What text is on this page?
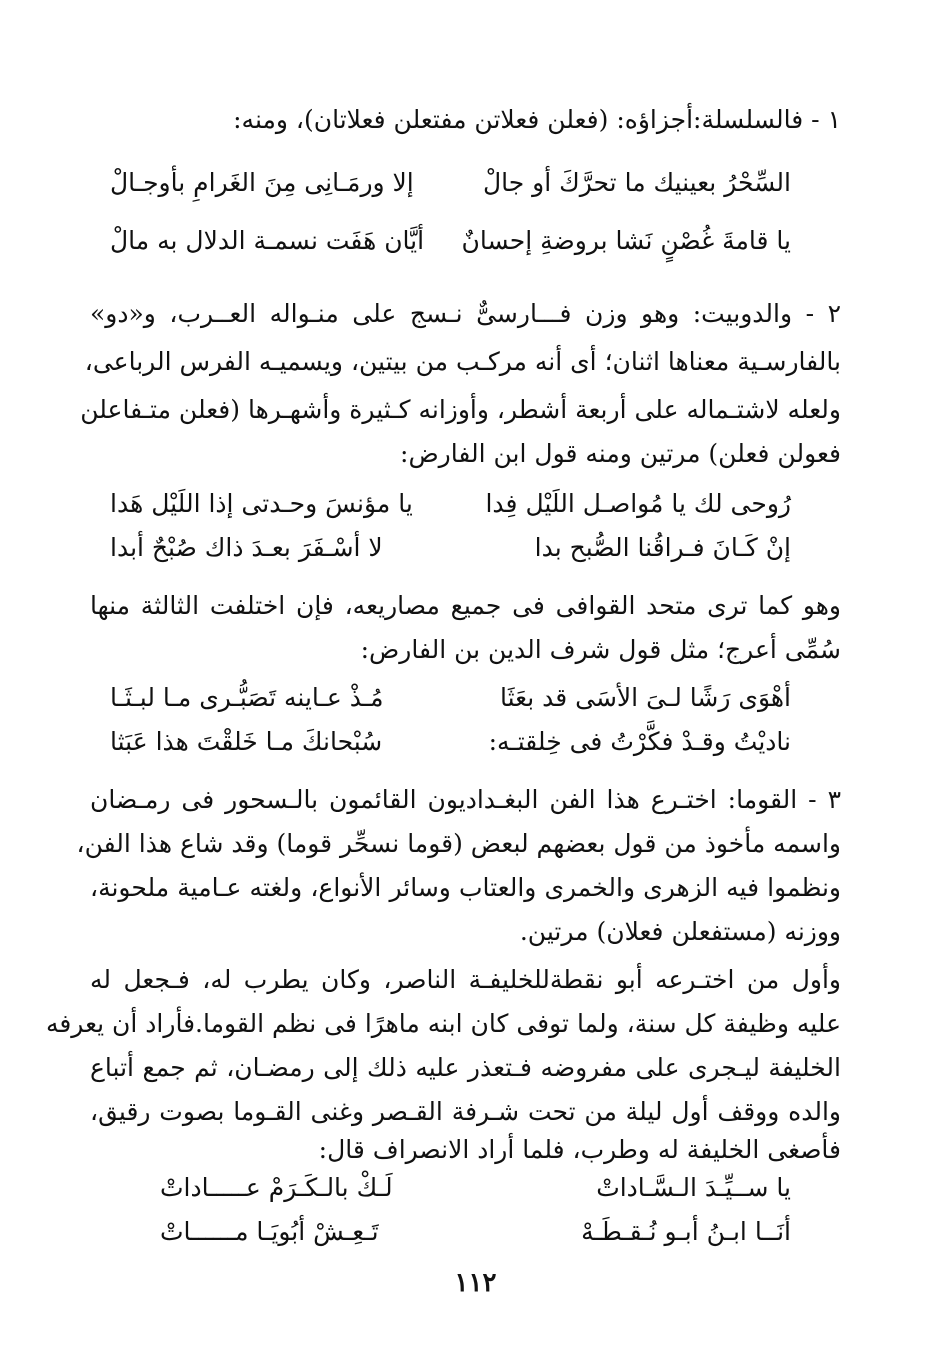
١ - فالسلسلة:أجزاؤه: (فعلن فعلاتن مفتعلن فعلاتان)، ومنه:
السِّحْرُ بعينيك ما تحرَّكَ أو جالْ
إلا ورمَـانِى مِنَ الغَرامِ بأوجـالْ
يا قامةَ غُصْنٍ نَشا بروضةِ إحسانٌ
أيَّان هَفَت نسمـة الدلال به مالْ
٢ - والدوبيت: وهو وزن فـــارسىٌّ نـسج على منـواله العــرب، و«دو»
بالفارسـية معناها اثنان؛ أى أنه مركـب من بيتين، ويسميـه الفرس الرباعى،
ولعله لاشتـماله على أربعة أشطر، وأوزانه كـثيرة وأشهـرها (فعلن متـفاعلن
فعولن فعلن) مرتين ومنه قول ابن الفارض:
رُوحى لك يا مُواصـل اللَيْل فِدا
يا مؤنسَ وحـدتى إذا اللَيْل هَدا
إنْ كَـانَ فـراقُنا الصُّبح بدا
لا أسْـفَرَ بعـدَ ذاك صُبْحٌ أبدا
وهو كما ترى متحد القوافى فى جميع مصاريعه، فإن اختلفت الثالثة منها
سُمِّى أعرج؛ مثل قول شرف الدين بن الفارض:
أهْوَى رَشًا لـىَ الأسَى قد بعَثَا
مُـذْ عـاينه تَصَبُّـرى مـا لبـثَـا
ناديْتُ وقـدْ فكَّرْتُ فى خِلقتـه:
سُبْحانكَ مـا خَلقْتَ هذا عَبَثا
٣ - القوما: اختـرع هذا الفن البغـداديون القائمون بالـسحور فى رمـضان
واسمه مأخوذ من قول بعضهم لبعض (قوما نسحِّر قوما) وقد شاع هذا الفن،
ونظموا فيه الزهرى والخمرى والعتاب وسائر الأنواع، ولغته عـامية ملحونة،
ووزنه (مستفعلن فعلان) مرتين.
وأول من اختـرعه أبو نقطةللخليفـة الناصر، وكان يطرب له، فـجعل له
عليه وظيفة كل سنة، ولما توفى كان ابنه ماهرًا فى نظم القوما.فأراد أن يعرفه
الخليفة ليـجرى على مفروضه فـتعذر عليه ذلك إلى رمضـان، ثم جمع أتباع
والده ووقف أول ليلة من تحت شـرفة القـصر وغنى القـوما بصوت رقيق،
فأصغى الخليفة له وطرب، فلما أراد الانصراف قال:
يا ســيِّـدَ الـسَّـاداتْ
لَـكْ بالـكَـرَمْ عـــــاداتْ
أنَــا ابـنُ أبـو نُـقـطَـهْ
تَـعِـشْ أبُويَـا مــــــاتْ
١١٢
